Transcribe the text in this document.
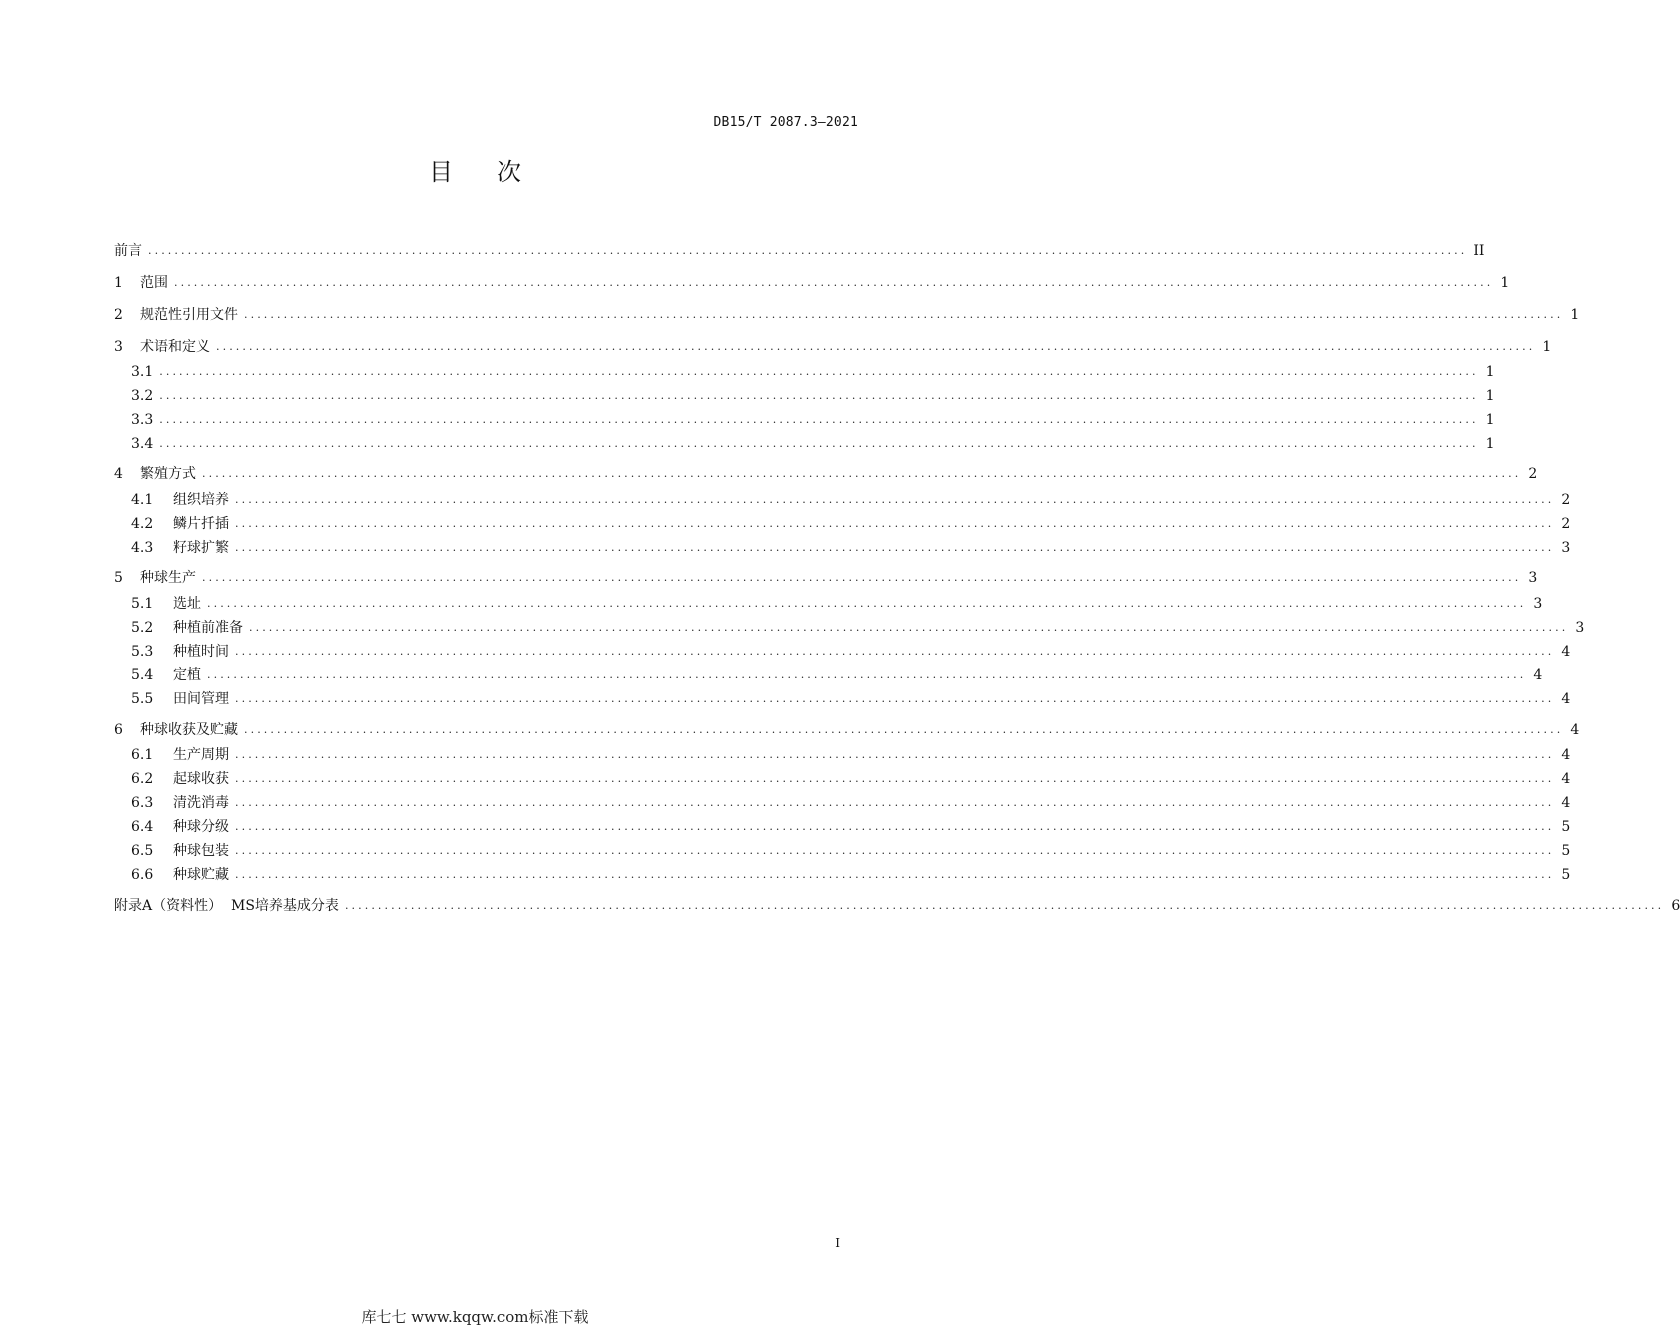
DB15/T 2087.3—2021
目 次
前言 ........................................................................................................................................................................................................ II
1	范围 ........................................................................................................................................................................................................ 1
2	规范性引用文件 ........................................................................................................................................................................................................ 1
3	术语和定义 ........................................................................................................................................................................................................ 1
3.1 ........................................................................................................................................................................................................ 1
3.2 ........................................................................................................................................................................................................ 1
3.3 ........................................................................................................................................................................................................ 1
3.4 ........................................................................................................................................................................................................ 1
4	繁殖方式 ........................................................................................................................................................................................................ 2
4.1	组织培养 ........................................................................................................................................................................................................ 2
4.2	鳞片扦插 ........................................................................................................................................................................................................ 2
4.3	籽球扩繁 ........................................................................................................................................................................................................ 3
5	种球生产 ........................................................................................................................................................................................................ 3
5.1	选址 ........................................................................................................................................................................................................ 3
5.2	种植前准备 ........................................................................................................................................................................................................ 3
5.3	种植时间 ........................................................................................................................................................................................................ 4
5.4	定植 ........................................................................................................................................................................................................ 4
5.5	田间管理 ........................................................................................................................................................................................................ 4
6	种球收获及贮藏 ........................................................................................................................................................................................................ 4
6.1	生产周期 ........................................................................................................................................................................................................ 4
6.2	起球收获 ........................................................................................................................................................................................................ 4
6.3	清洗消毒 ........................................................................................................................................................................................................ 4
6.4	种球分级 ........................................................................................................................................................................................................ 5
6.5	种球包装 ........................................................................................................................................................................................................ 5
6.6	种球贮藏 ........................................................................................................................................................................................................ 5
附录A（资料性）  MS培养基成分表 ........................................................................................................................................................................................................ 6
I
库七七 www.kqqw.com标准下载
